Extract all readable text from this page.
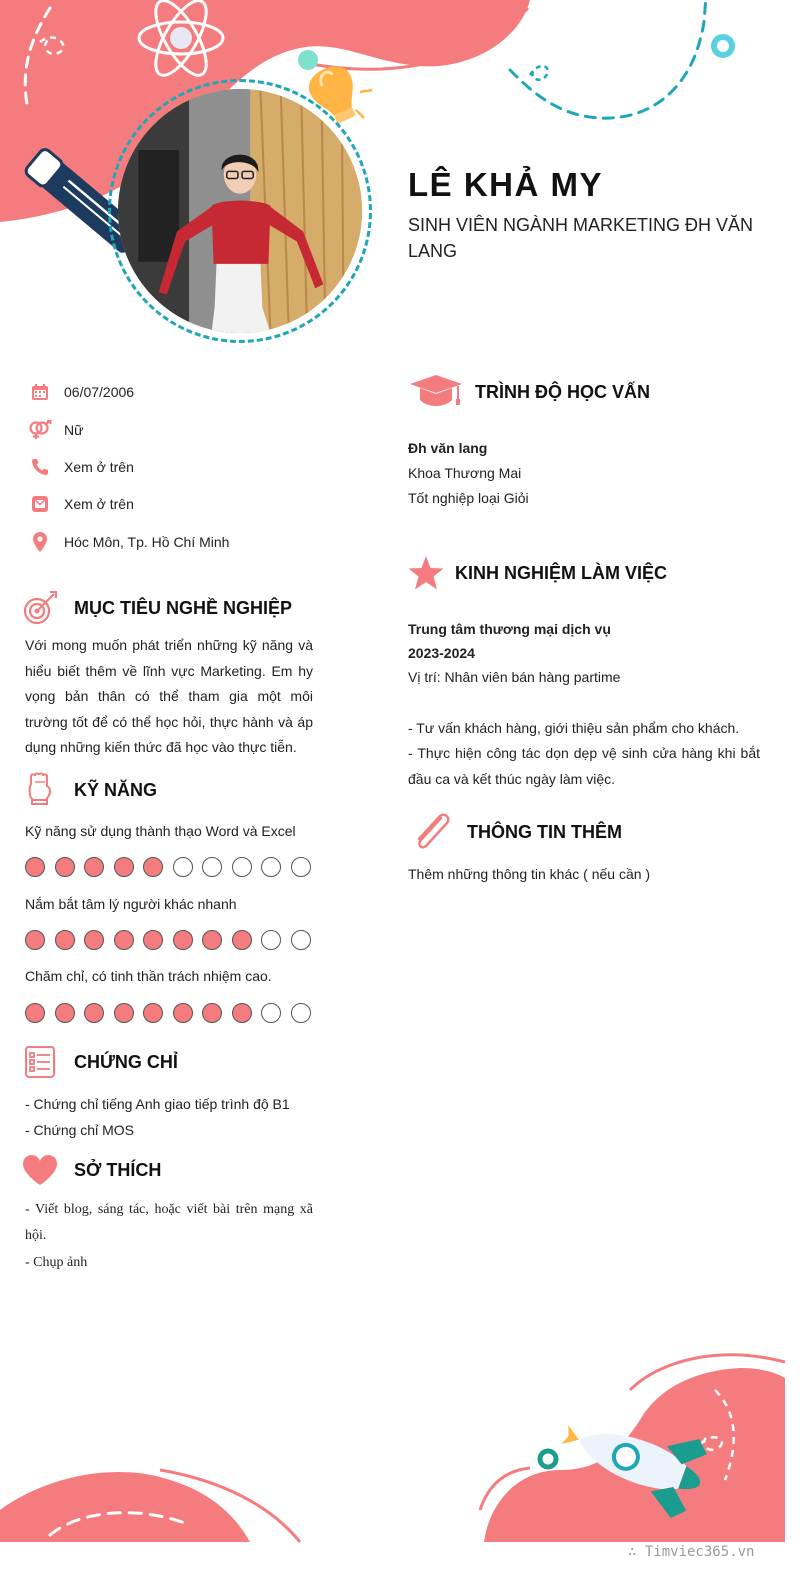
LÊ KHẢ MY
SINH VIÊN NGÀNH MARKETING ĐH VĂN LANG
06/07/2006
Nữ
Xem ở trên
Xem ở trên
Hóc Môn, Tp. Hồ Chí Minh
MỤC TIÊU NGHỀ NGHIỆP
Với mong muốn phát triển những kỹ năng và hiểu biết thêm về lĩnh vực Marketing. Em hy vọng bản thân có thể tham gia một môi trường tốt để có thể học hỏi, thực hành và áp dụng những kiến thức đã học vào thực tiễn.
KỸ NĂNG
Kỹ năng sử dụng thành thạo Word và Excel
Nắm bắt tâm lý người khác nhanh
Chăm chỉ, có tinh thần trách nhiệm cao.
CHỨNG CHỈ
- Chứng chỉ tiếng Anh giao tiếp trình độ B1
- Chứng chỉ MOS
SỞ THÍCH
- Viết blog, sáng tác, hoặc viết bài trên mạng xã hội.
- Chụp ảnh
TRÌNH ĐỘ HỌC VẤN
Đh văn lang
Khoa Thương Mai
Tốt nghiệp loại Giỏi
KINH NGHIỆM LÀM VIỆC
Trung tâm thương mại dịch vụ
2023-2024
Vị trí: Nhân viên bán hàng partime
- Tư vấn khách hàng, giới thiệu sản phẩm cho khách.
- Thực hiện công tác dọn dẹp vệ sinh cửa hàng khi bắt đầu ca và kết thúc ngày làm việc.
THÔNG TIN THÊM
Thêm những thông tin khác ( nếu cần )
∴ Timviec365.vn
